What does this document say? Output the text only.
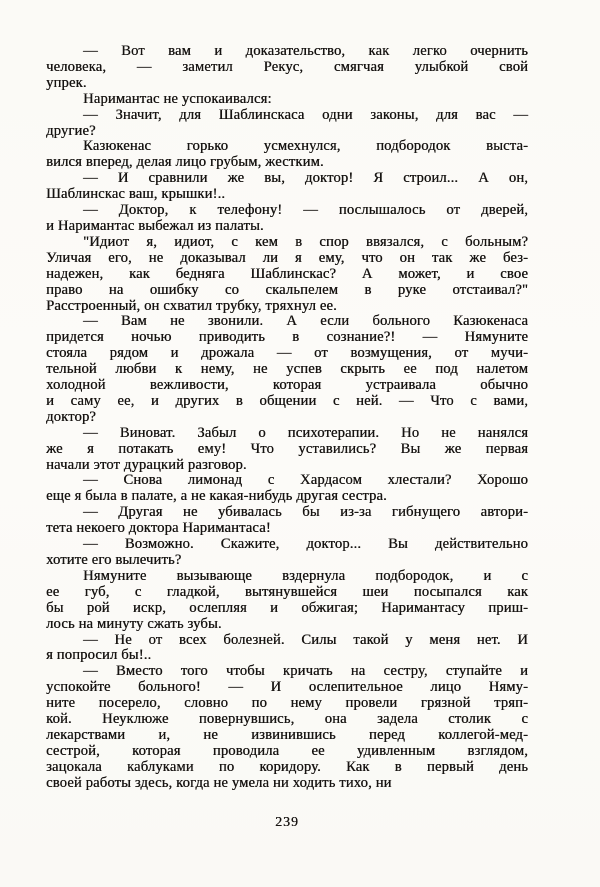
— Вот вам и доказательство, как легко очернить
человека, — заметил Рекус, смягчая улыбкой свой
упрек.
Наримантас не успокаивался:
— Значит, для Шаблинскаса одни законы, для вас —
другие?
Казюкенас горько усмехнулся, подбородок выста-
вился вперед, делая лицо грубым, жестким.
— И сравнили же вы, доктор! Я строил... А он,
Шаблинскас ваш, крышки!..
— Доктор, к телефону! — послышалось от дверей,
и Наримантас выбежал из палаты.
"Идиот я, идиот, с кем в спор ввязался, с больным?
Уличая его, не доказывал ли я ему, что он так же без-
надежен, как бедняга Шаблинскас? А может, и свое
право на ошибку со скальпелем в руке отстаивал?"
Расстроенный, он схватил трубку, тряхнул ее.
— Вам не звонили. А если больного Казюкенаса
придется ночью приводить в сознание?! — Нямуните
стояла рядом и дрожала — от возмущения, от мучи-
тельной любви к нему, не успев скрыть ее под налетом
холодной вежливости, которая устраивала обычно
и саму ее, и других в общении с ней. — Что с вами,
доктор?
— Виноват. Забыл о психотерапии. Но не нанялся
же я потакать ему! Что уставились? Вы же первая
начали этот дурацкий разговор.
— Снова лимонад с Хардасом хлестали? Хорошо
еще я была в палате, а не какая-нибудь другая сестра.
— Другая не убивалась бы из-за гибнущего автори-
тета некоего доктора Наримантаса!
— Возможно. Скажите, доктор... Вы действительно
хотите его вылечить?
Нямуните вызывающе вздернула подбородок, и с
ее губ, с гладкой, вытянувшейся шеи посыпался как
бы рой искр, ослепляя и обжигая; Наримантасу приш-
лось на минуту сжать зубы.
— Не от всех болезней. Силы такой у меня нет. И
я попросил бы!..
— Вместо того чтобы кричать на сестру, ступайте и
успокойте больного! — И ослепительное лицо Няму-
ните посерело, словно по нему провели грязной тряп-
кой. Неуклюже повернувшись, она задела столик с
лекарствами и, не извинившись перед коллегой-мед-
сестрой, которая проводила ее удивленным взглядом,
зацокала каблуками по коридору. Как в первый день
своей работы здесь, когда не умела ни ходить тихо, ни
239
